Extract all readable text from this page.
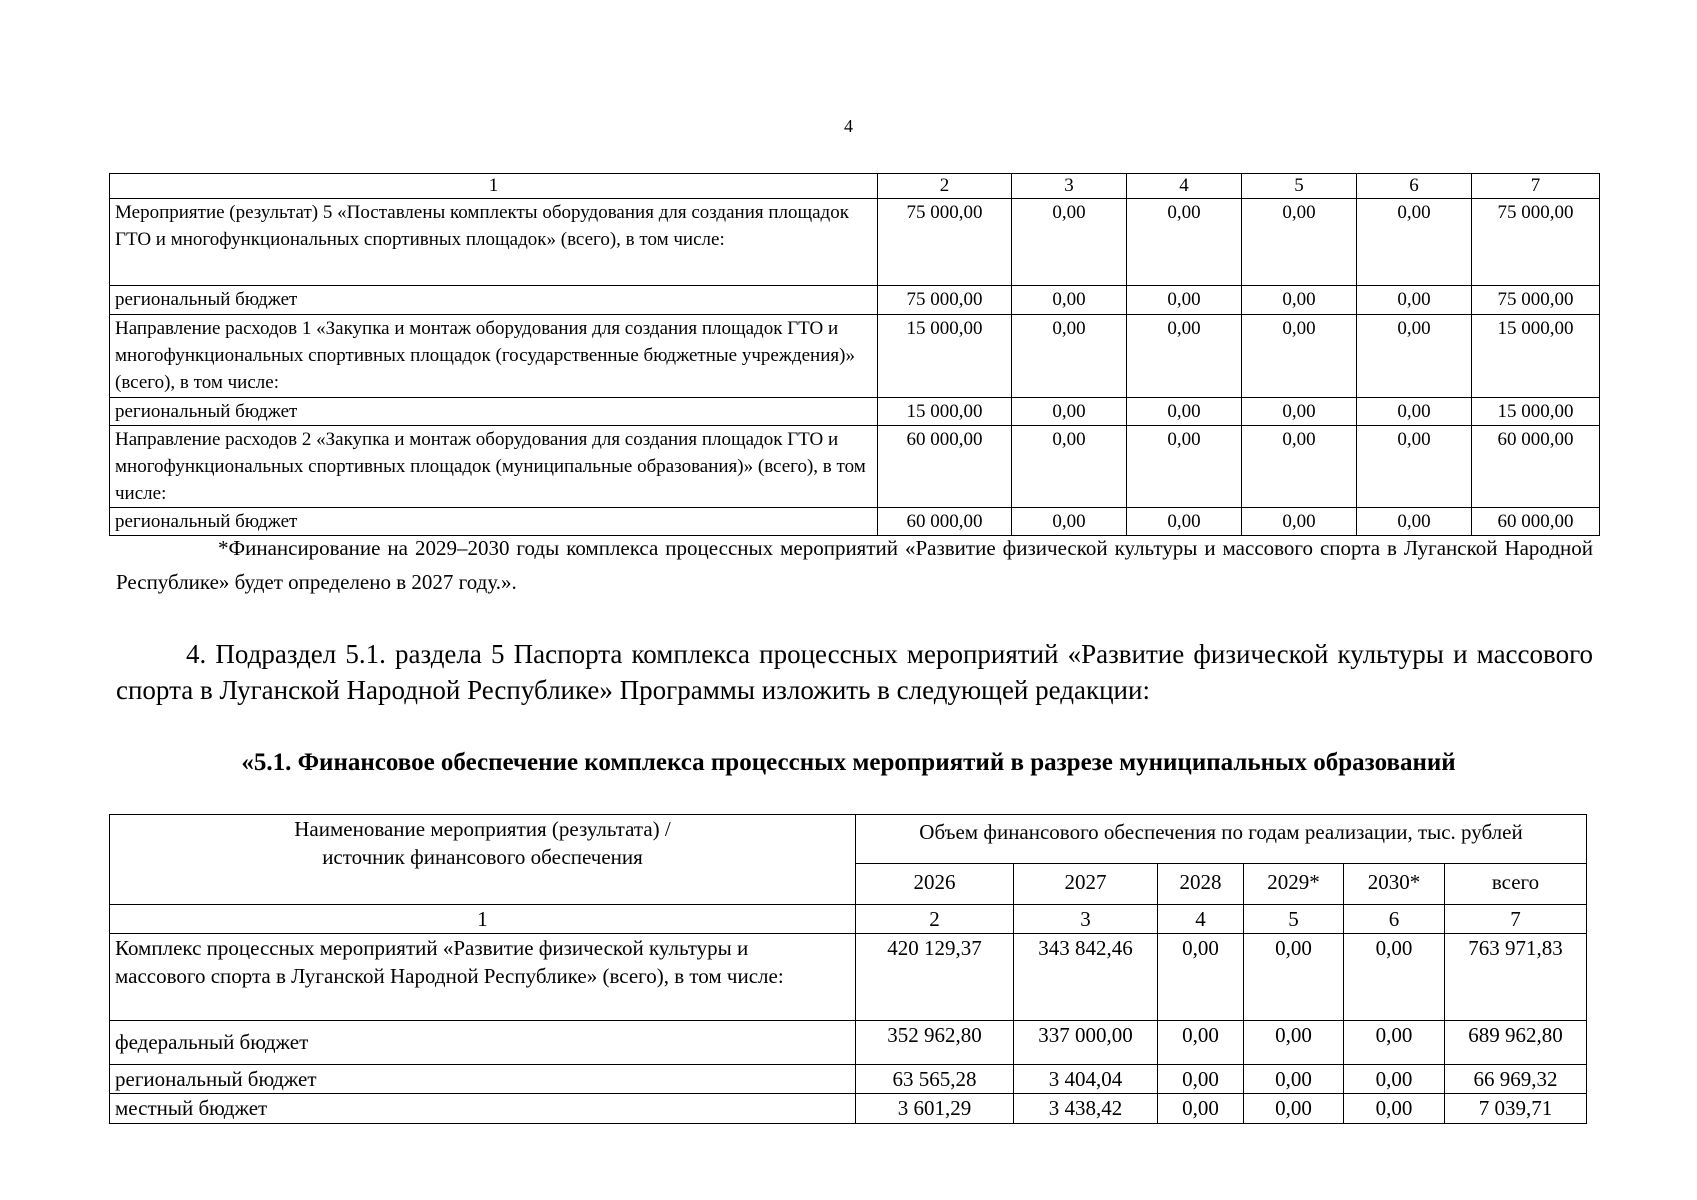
4
1	2	3	4	5	6	7
Мероприятие (результат) 5 «Поставлены комплекты оборудования для создания площадок ГТО и многофункциональных спортивных площадок» (всего), в том числе:	75 000,00	0,00	0,00	0,00	0,00	75 000,00
региональный бюджет	75 000,00	0,00	0,00	0,00	0,00	75 000,00
Направление расходов 1 «Закупка и монтаж оборудования для создания площадок ГТО и многофункциональных спортивных площадок (государственные бюджетные учреждения)» (всего), в том числе:	15 000,00	0,00	0,00	0,00	0,00	15 000,00
региональный бюджет	15 000,00	0,00	0,00	0,00	0,00	15 000,00
Направление расходов 2 «Закупка и монтаж оборудования для создания площадок ГТО и многофункциональных спортивных площадок (муниципальные образования)» (всего), в том числе:	60 000,00	0,00	0,00	0,00	0,00	60 000,00
региональный бюджет	60 000,00	0,00	0,00	0,00	0,00	60 000,00
*Финансирование на 2029–2030 годы комплекса процессных мероприятий «Развитие физической культуры и массового спорта в Луганской Народной Республике» будет определено в 2027 году.».
4. Подраздел 5.1. раздела 5 Паспорта комплекса процессных мероприятий «Развитие физической культуры и массового спорта в Луганской Народной Республике» Программы изложить в следующей редакции:
«5.1. Финансовое обеспечение комплекса процессных мероприятий в разрезе муниципальных образований
Наименование мероприятия (результата) / источник финансового обеспечения	Объем финансового обеспечения по годам реализации, тыс. рублей					
	2026	2027	2028	2029*	2030*	всего
1	2	3	4	5	6	7
Комплекс процессных мероприятий «Развитие физической культуры и массового спорта в Луганской Народной Республике» (всего), в том числе:	420 129,37	343 842,46	0,00	0,00	0,00	763 971,83
федеральный бюджет	352 962,80	337 000,00	0,00	0,00	0,00	689 962,80
региональный бюджет	63 565,28	3 404,04	0,00	0,00	0,00	66 969,32
местный бюджет	3 601,29	3 438,42	0,00	0,00	0,00	7 039,71
